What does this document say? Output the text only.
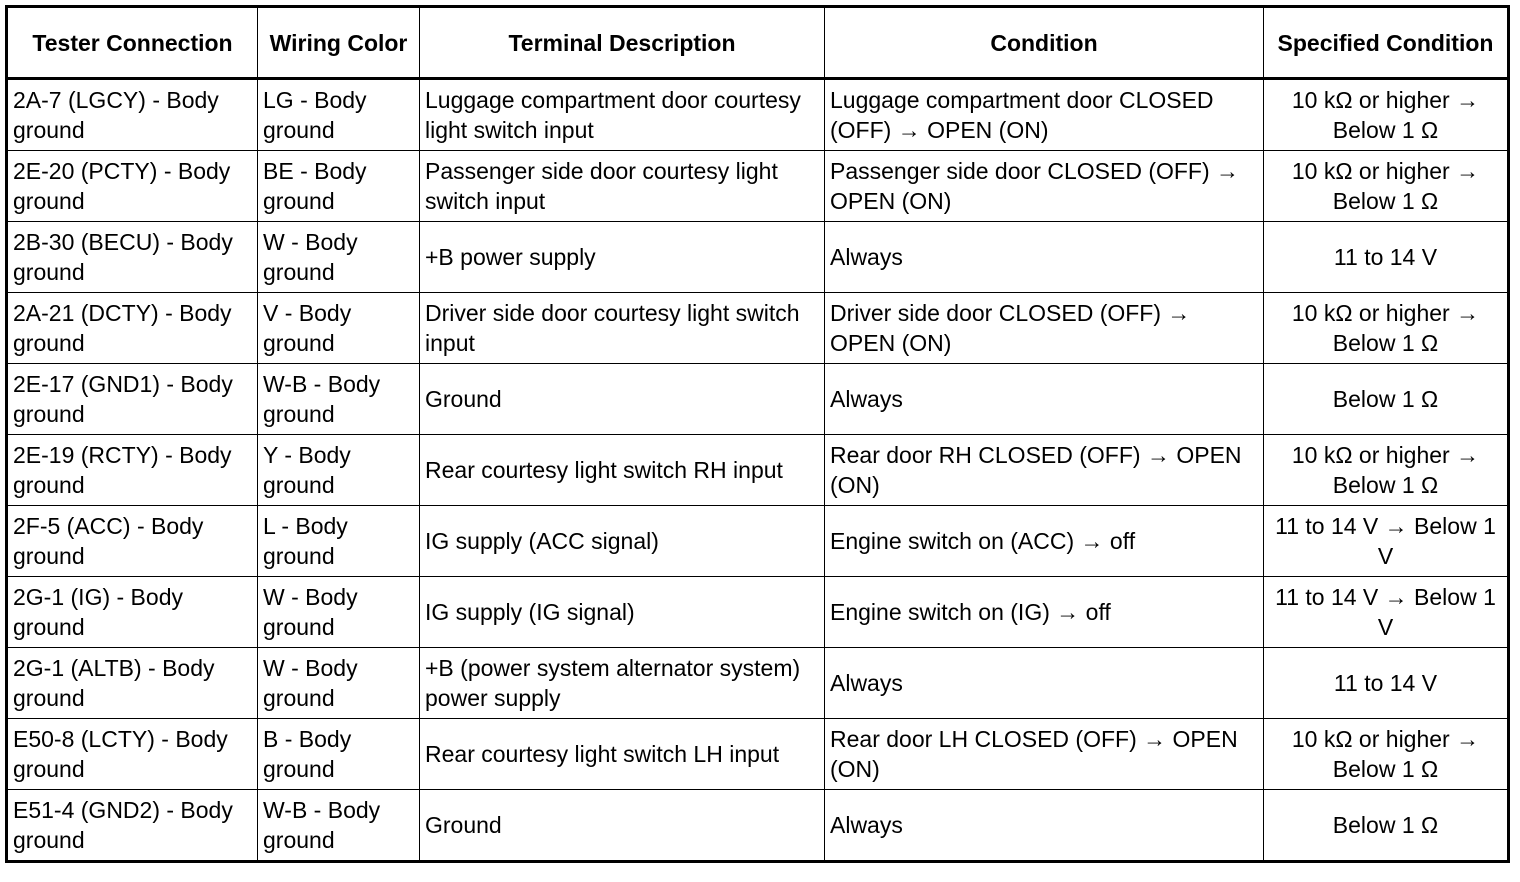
Tester Connection	Wiring Color	Terminal Description	Condition	Specified Condition
2A-7 (LGCY) - Body ground	LG - Body ground	Luggage compartment door courtesy light switch input	Luggage compartment door CLOSED (OFF) → OPEN (ON)	10 kΩ or higher → Below 1 Ω
2E-20 (PCTY) - Body ground	BE - Body ground	Passenger side door courtesy light switch input	Passenger side door CLOSED (OFF) → OPEN (ON)	10 kΩ or higher → Below 1 Ω
2B-30 (BECU) - Body ground	W - Body ground	+B power supply	Always	11 to 14 V
2A-21 (DCTY) - Body ground	V - Body ground	Driver side door courtesy light switch input	Driver side door CLOSED (OFF) → OPEN (ON)	10 kΩ or higher → Below 1 Ω
2E-17 (GND1) - Body ground	W-B - Body ground	Ground	Always	Below 1 Ω
2E-19 (RCTY) - Body ground	Y - Body ground	Rear courtesy light switch RH input	Rear door RH CLOSED (OFF) → OPEN (ON)	10 kΩ or higher → Below 1 Ω
2F-5 (ACC) - Body ground	L - Body ground	IG supply (ACC signal)	Engine switch on (ACC) → off	11 to 14 V → Below 1 V
2G-1 (IG) - Body ground	W - Body ground	IG supply (IG signal)	Engine switch on (IG) → off	11 to 14 V → Below 1 V
2G-1 (ALTB) - Body ground	W - Body ground	+B (power system alternator system) power supply	Always	11 to 14 V
E50-8 (LCTY) - Body ground	B - Body ground	Rear courtesy light switch LH input	Rear door LH CLOSED (OFF) → OPEN (ON)	10 kΩ or higher → Below 1 Ω
E51-4 (GND2) - Body ground	W-B - Body ground	Ground	Always	Below 1 Ω
